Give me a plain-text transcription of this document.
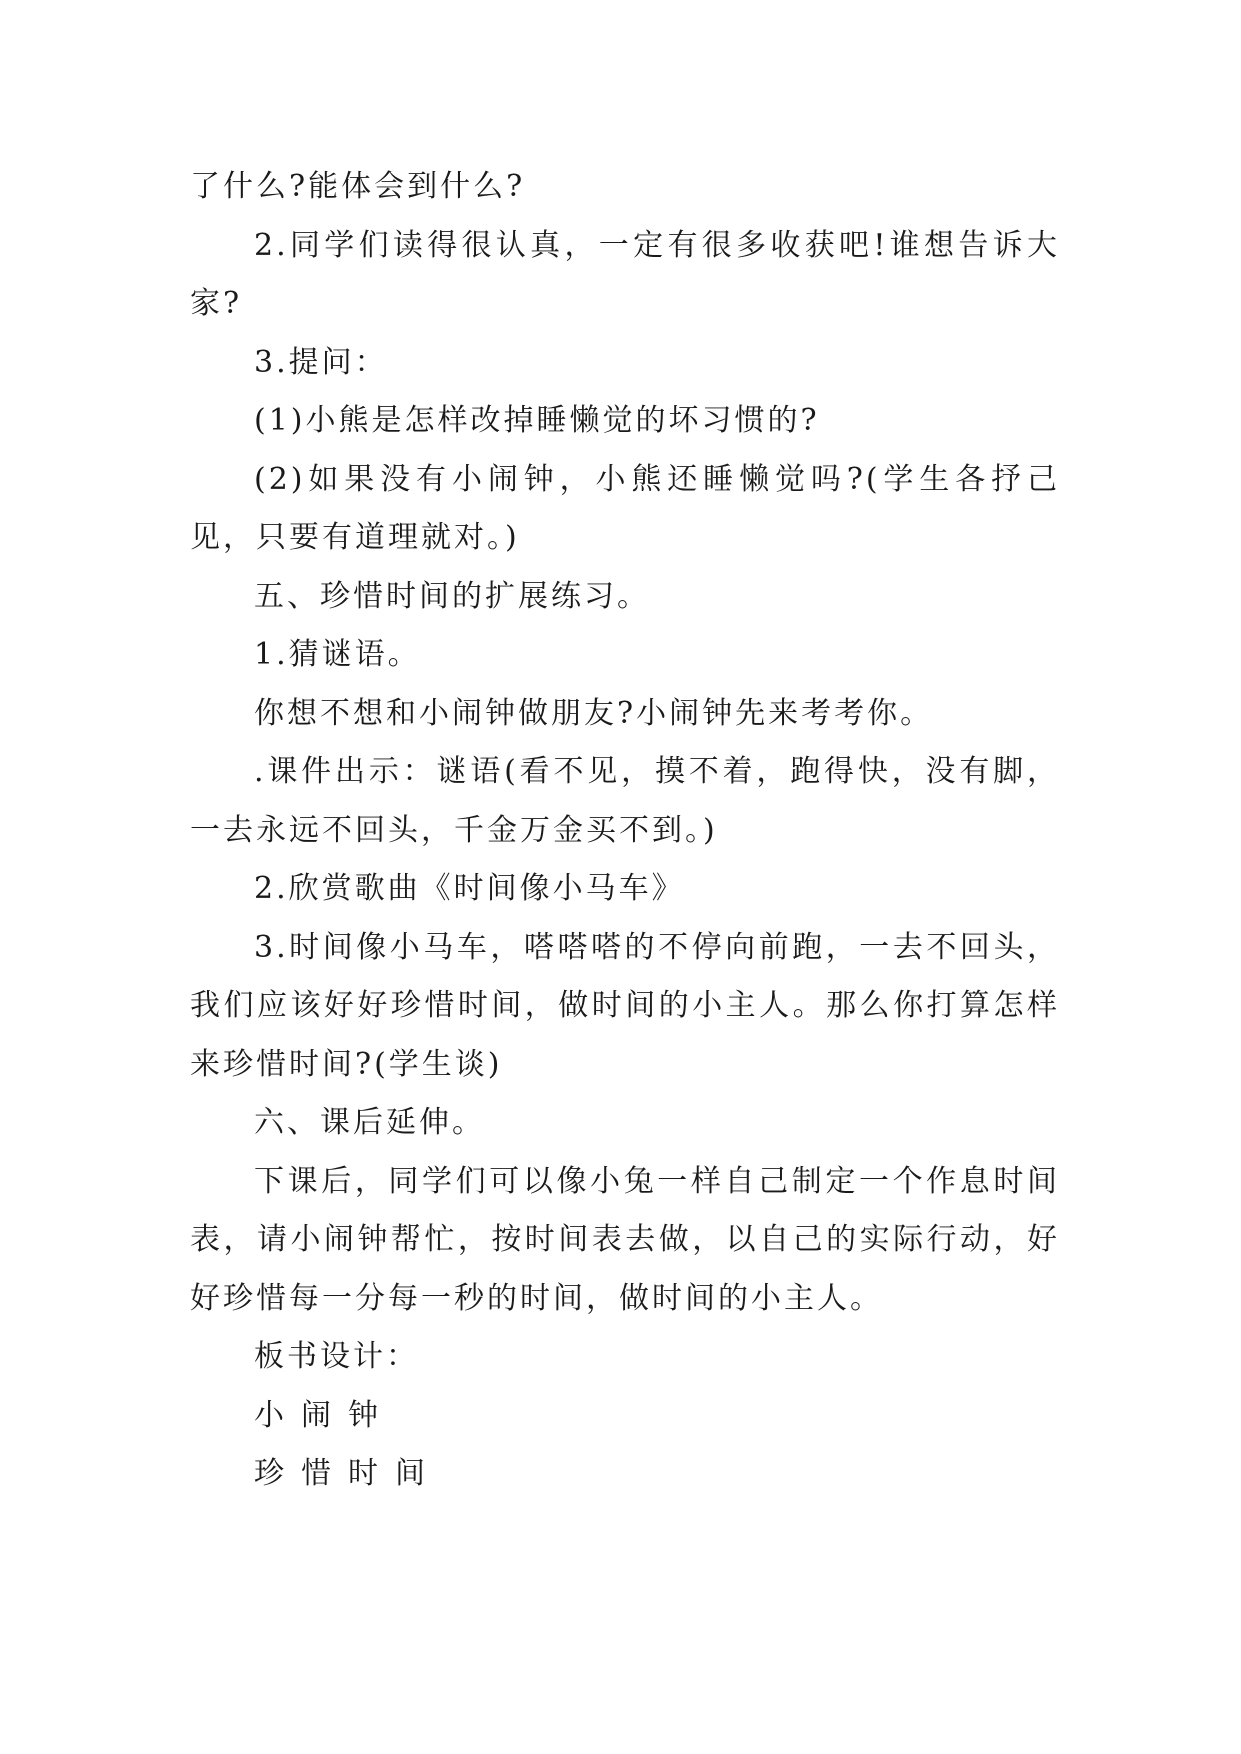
了什么?能体会到什么?

2.同学们读得很认真，一定有很多收获吧!谁想告诉大家?

3.提问：

(1)小熊是怎样改掉睡懒觉的坏习惯的?

(2)如果没有小闹钟，小熊还睡懒觉吗?(学生各抒己见，只要有道理就对。)

五、珍惜时间的扩展练习。

1.猜谜语。

你想不想和小闹钟做朋友?小闹钟先来考考你。

.课件出示：谜语(看不见，摸不着，跑得快，没有脚，一去永远不回头，千金万金买不到。)

2.欣赏歌曲《时间像小马车》

3.时间像小马车，嗒嗒嗒的不停向前跑，一去不回头，我们应该好好珍惜时间，做时间的小主人。那么你打算怎样来珍惜时间?(学生谈)

六、课后延伸。

下课后，同学们可以像小兔一样自己制定一个作息时间表，请小闹钟帮忙，按时间表去做，以自己的实际行动，好好珍惜每一分每一秒的时间，做时间的小主人。

板书设计：

小闹钟

珍惜时间
